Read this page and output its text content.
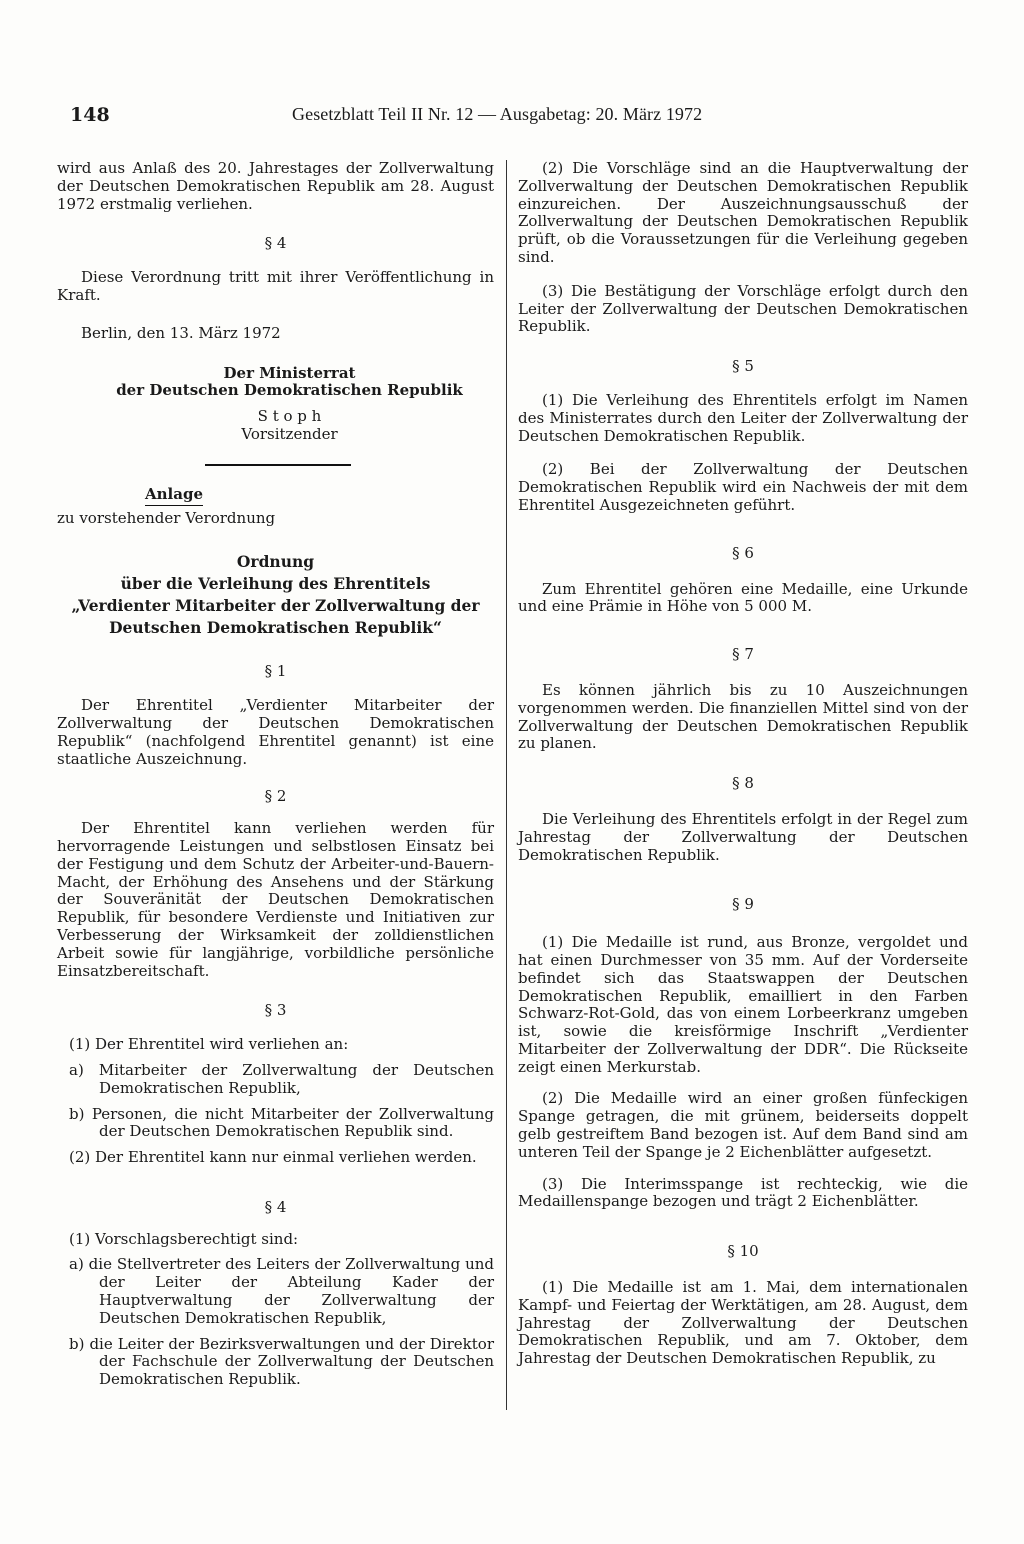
148	Gesetzblatt Teil II Nr. 12 — Ausgabetag: 20. März 1972

wird aus Anlaß des 20. Jahrestages der Zollverwaltung der Deutschen Demokratischen Republik am 28. August 1972 erstmalig verliehen.

§ 4

Diese Verordnung tritt mit ihrer Veröffentlichung in Kraft.

Berlin, den 13. März 1972

Der Ministerrat

der Deutschen Demokratischen Republik

S t o p h

Vorsitzender

Anlage

zu vorstehender Verordnung

Ordnung

über die Verleihung des Ehrentitels

„Verdienter Mitarbeiter der Zollverwaltung der

Deutschen Demokratischen Republik“

§ 1

Der Ehrentitel „Verdienter Mitarbeiter der Zollverwaltung der Deutschen Demokratischen Republik“ (nachfolgend Ehrentitel genannt) ist eine staatliche Auszeichnung.

§ 2

Der Ehrentitel kann verliehen werden für hervorragende Leistungen und selbstlosen Einsatz bei der Festigung und dem Schutz der Arbeiter-und-Bauern-Macht, der Erhöhung des Ansehens und der Stärkung der Souveränität der Deutschen Demokratischen Republik, für besondere Verdienste und Initiativen zur Verbesserung der Wirksamkeit der zolldienstlichen Arbeit sowie für langjährige, vorbildliche persönliche Einsatzbereitschaft.

§ 3

(1) Der Ehrentitel wird verliehen an:

a) Mitarbeiter der Zollverwaltung der Deutschen Demokratischen Republik,

b) Personen, die nicht Mitarbeiter der Zollverwaltung der Deutschen Demokratischen Republik sind.

(2) Der Ehrentitel kann nur einmal verliehen werden.

§ 4

(1) Vorschlagsberechtigt sind:

a) die Stellvertreter des Leiters der Zollverwaltung und der Leiter der Abteilung Kader der Hauptverwaltung der Zollverwaltung der Deutschen Demokratischen Republik,

b) die Leiter der Bezirksverwaltungen und der Direktor der Fachschule der Zollverwaltung der Deutschen Demokratischen Republik.

(2) Die Vorschläge sind an die Hauptverwaltung der Zollverwaltung der Deutschen Demokratischen Republik einzureichen. Der Auszeichnungsausschuß der Zollverwaltung der Deutschen Demokratischen Republik prüft, ob die Voraussetzungen für die Verleihung gegeben sind.

(3) Die Bestätigung der Vorschläge erfolgt durch den Leiter der Zollverwaltung der Deutschen Demokratischen Republik.

§ 5

(1) Die Verleihung des Ehrentitels erfolgt im Namen des Ministerrates durch den Leiter der Zollverwaltung der Deutschen Demokratischen Republik.

(2) Bei der Zollverwaltung der Deutschen Demokratischen Republik wird ein Nachweis der mit dem Ehrentitel Ausgezeichneten geführt.

§ 6

Zum Ehrentitel gehören eine Medaille, eine Urkunde und eine Prämie in Höhe von 5 000 M.

§ 7

Es können jährlich bis zu 10 Auszeichnungen vorgenommen werden. Die finanziellen Mittel sind von der Zollverwaltung der Deutschen Demokratischen Republik zu planen.

§ 8

Die Verleihung des Ehrentitels erfolgt in der Regel zum Jahrestag der Zollverwaltung der Deutschen Demokratischen Republik.

§ 9

(1) Die Medaille ist rund, aus Bronze, vergoldet und hat einen Durchmesser von 35 mm. Auf der Vorderseite befindet sich das Staatswappen der Deutschen Demokratischen Republik, emailliert in den Farben Schwarz-Rot-Gold, das von einem Lorbeerkranz umgeben ist, sowie die kreisförmige Inschrift „Verdienter Mitarbeiter der Zollverwaltung der DDR“. Die Rückseite zeigt einen Merkurstab.

(2) Die Medaille wird an einer großen fünfeckigen Spange getragen, die mit grünem, beiderseits doppelt gelb gestreiftem Band bezogen ist. Auf dem Band sind am unteren Teil der Spange je 2 Eichenblätter aufgesetzt.

(3) Die Interimsspange ist rechteckig, wie die Medaillenspange bezogen und trägt 2 Eichenblätter.

§ 10

(1) Die Medaille ist am 1. Mai, dem internationalen Kampf- und Feiertag der Werktätigen, am 28. August, dem Jahrestag der Zollverwaltung der Deutschen Demokratischen Republik, und am 7. Oktober, dem Jahrestag der Deutschen Demokratischen Republik, zu
